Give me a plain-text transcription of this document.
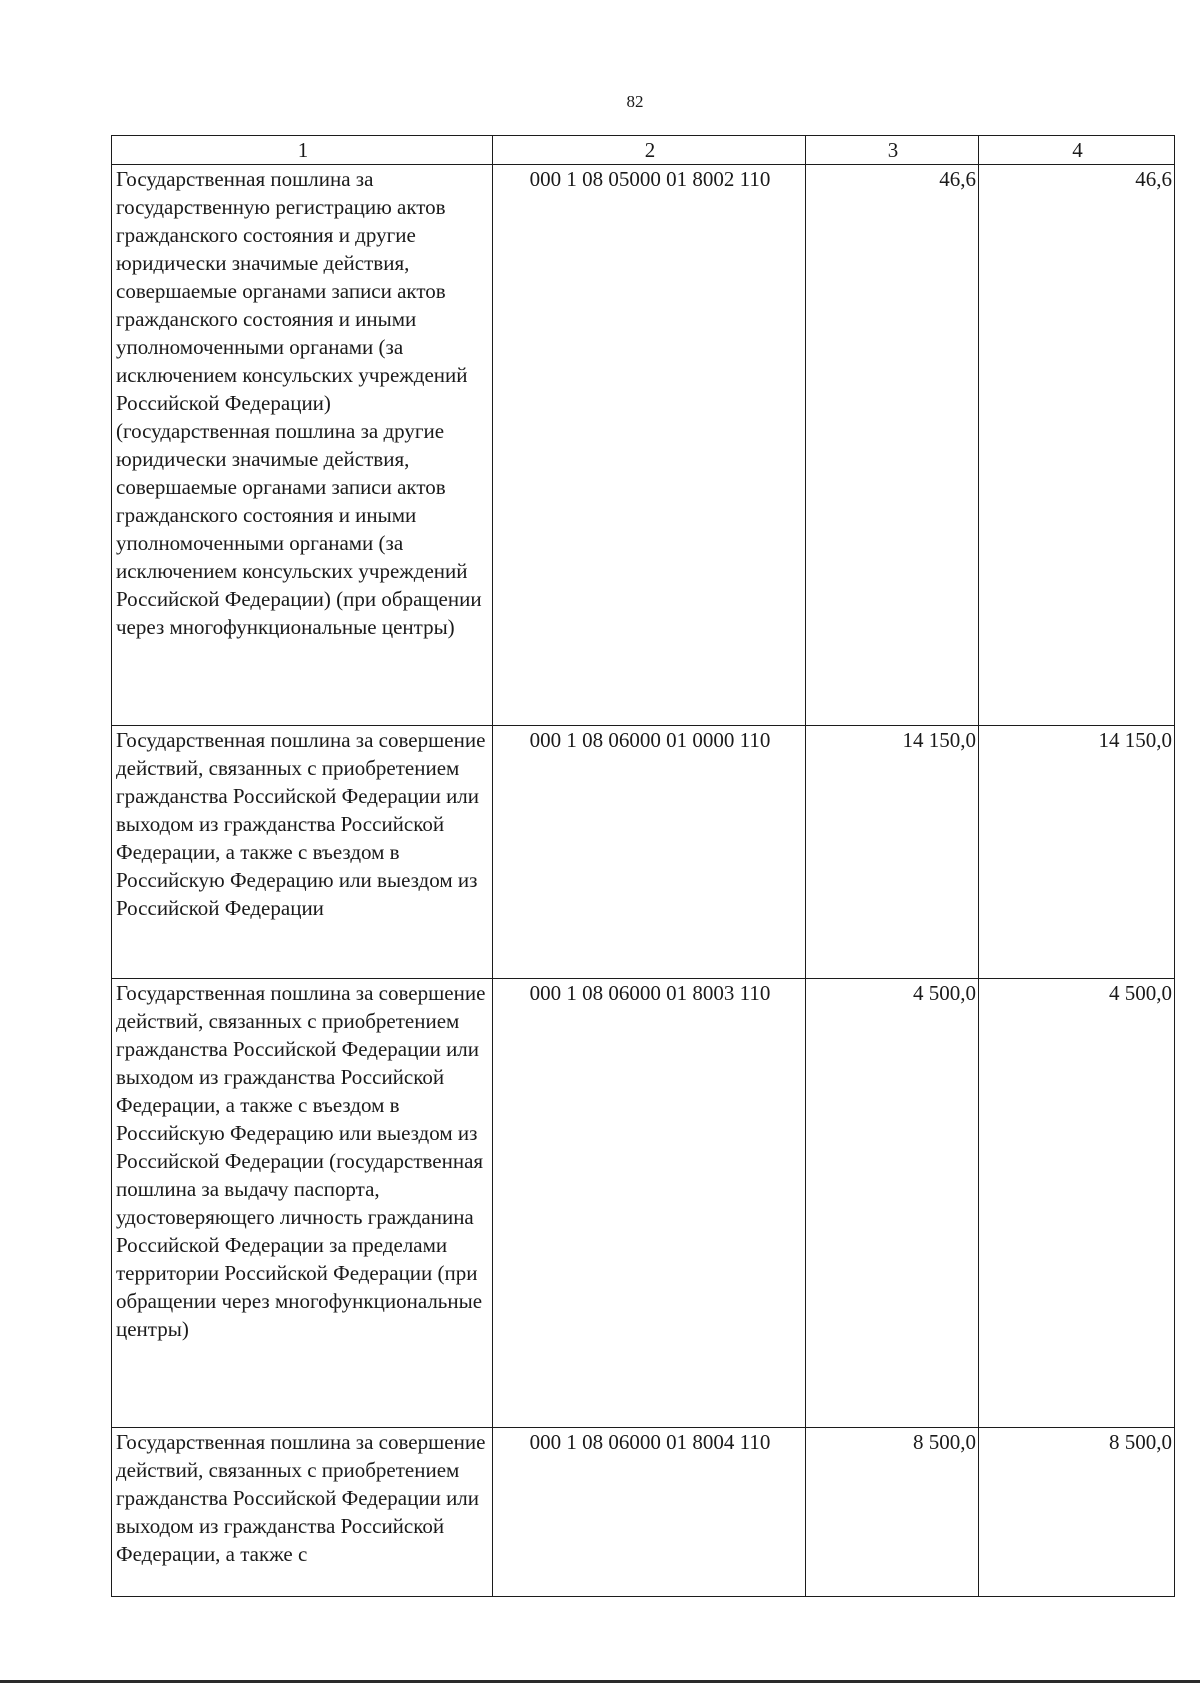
82
1	2	3	4
Государственная пошлина за государственную регистрацию актов гражданского состояния и другие юридически значимые действия, совершаемые органами записи актов гражданского состояния и иными уполномоченными органами (за исключением консульских учреждений Российской Федерации) (государственная пошлина за другие юридически значимые действия, совершаемые органами записи актов гражданского состояния и иными уполномоченными органами (за исключением консульских учреждений Российской Федерации) (при обращении через многофункциональные центры)	000 1 08 05000 01 8002 110	46,6	46,6
Государственная пошлина за совершение действий, связанных с приобретением гражданства Российской Федерации или выходом из гражданства Российской Федерации, а также с въездом в Российскую Федерацию или выездом из Российской Федерации	000 1 08 06000 01 0000 110	14 150,0	14 150,0
Государственная пошлина за совершение действий, связанных с приобретением гражданства Российской Федерации или выходом из гражданства Российской Федерации, а также с въездом в Российскую Федерацию или выездом из Российской Федерации (государственная пошлина за выдачу паспорта, удостоверяющего личность гражданина Российской Федерации за пределами территории Российской Федерации (при обращении через многофункциональные центры)	000 1 08 06000 01 8003 110	4 500,0	4 500,0
Государственная пошлина за совершение действий, связанных с приобретением гражданства Российской Федерации или выходом из гражданства Российской Федерации, а также с	000 1 08 06000 01 8004 110	8 500,0	8 500,0
